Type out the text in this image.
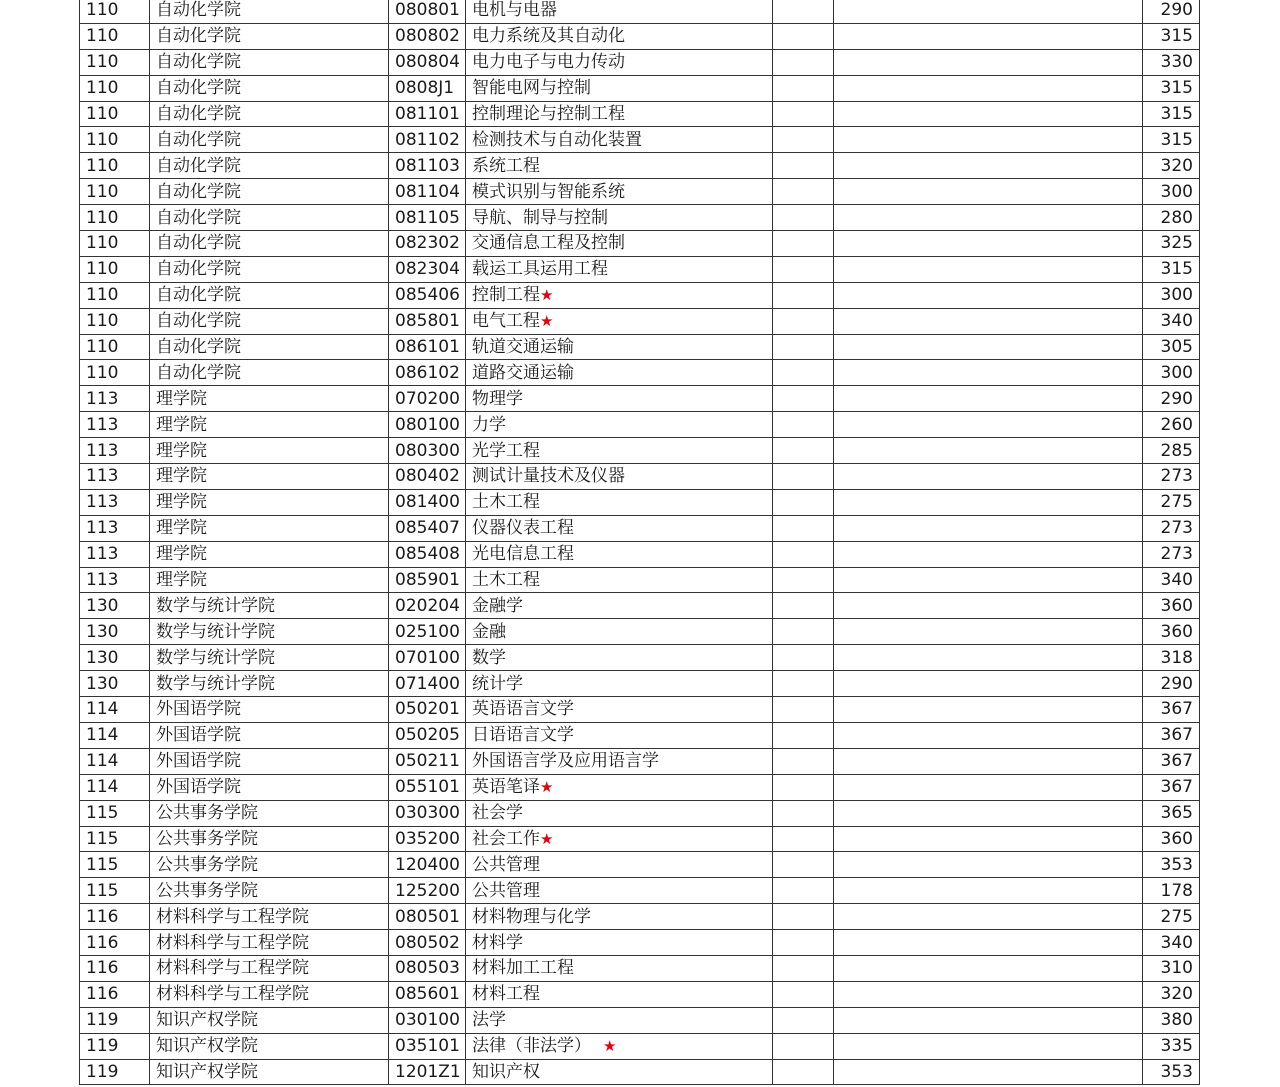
110	自动化学院	080801	电机与电器			290
110	自动化学院	080802	电力系统及其自动化			315
110	自动化学院	080804	电力电子与电力传动			330
110	自动化学院	0808J1	智能电网与控制			315
110	自动化学院	081101	控制理论与控制工程			315
110	自动化学院	081102	检测技术与自动化装置			315
110	自动化学院	081103	系统工程			320
110	自动化学院	081104	模式识别与智能系统			300
110	自动化学院	081105	导航、制导与控制			280
110	自动化学院	082302	交通信息工程及控制			325
110	自动化学院	082304	载运工具运用工程			315
110	自动化学院	085406	控制工程★			300
110	自动化学院	085801	电气工程★			340
110	自动化学院	086101	轨道交通运输			305
110	自动化学院	086102	道路交通运输			300
113	理学院	070200	物理学			290
113	理学院	080100	力学			260
113	理学院	080300	光学工程			285
113	理学院	080402	测试计量技术及仪器			273
113	理学院	081400	土木工程			275
113	理学院	085407	仪器仪表工程			273
113	理学院	085408	光电信息工程			273
113	理学院	085901	土木工程			340
130	数学与统计学院	020204	金融学			360
130	数学与统计学院	025100	金融			360
130	数学与统计学院	070100	数学			318
130	数学与统计学院	071400	统计学			290
114	外国语学院	050201	英语语言文学			367
114	外国语学院	050205	日语语言文学			367
114	外国语学院	050211	外国语言学及应用语言学			367
114	外国语学院	055101	英语笔译★			367
115	公共事务学院	030300	社会学			365
115	公共事务学院	035200	社会工作★			360
115	公共事务学院	120400	公共管理			353
115	公共事务学院	125200	公共管理			178
116	材料科学与工程学院	080501	材料物理与化学			275
116	材料科学与工程学院	080502	材料学			340
116	材料科学与工程学院	080503	材料加工工程			310
116	材料科学与工程学院	085601	材料工程			320
119	知识产权学院	030100	法学			380
119	知识产权学院	035101	法律（非法学） ★			335
119	知识产权学院	1201Z1	知识产权			353
